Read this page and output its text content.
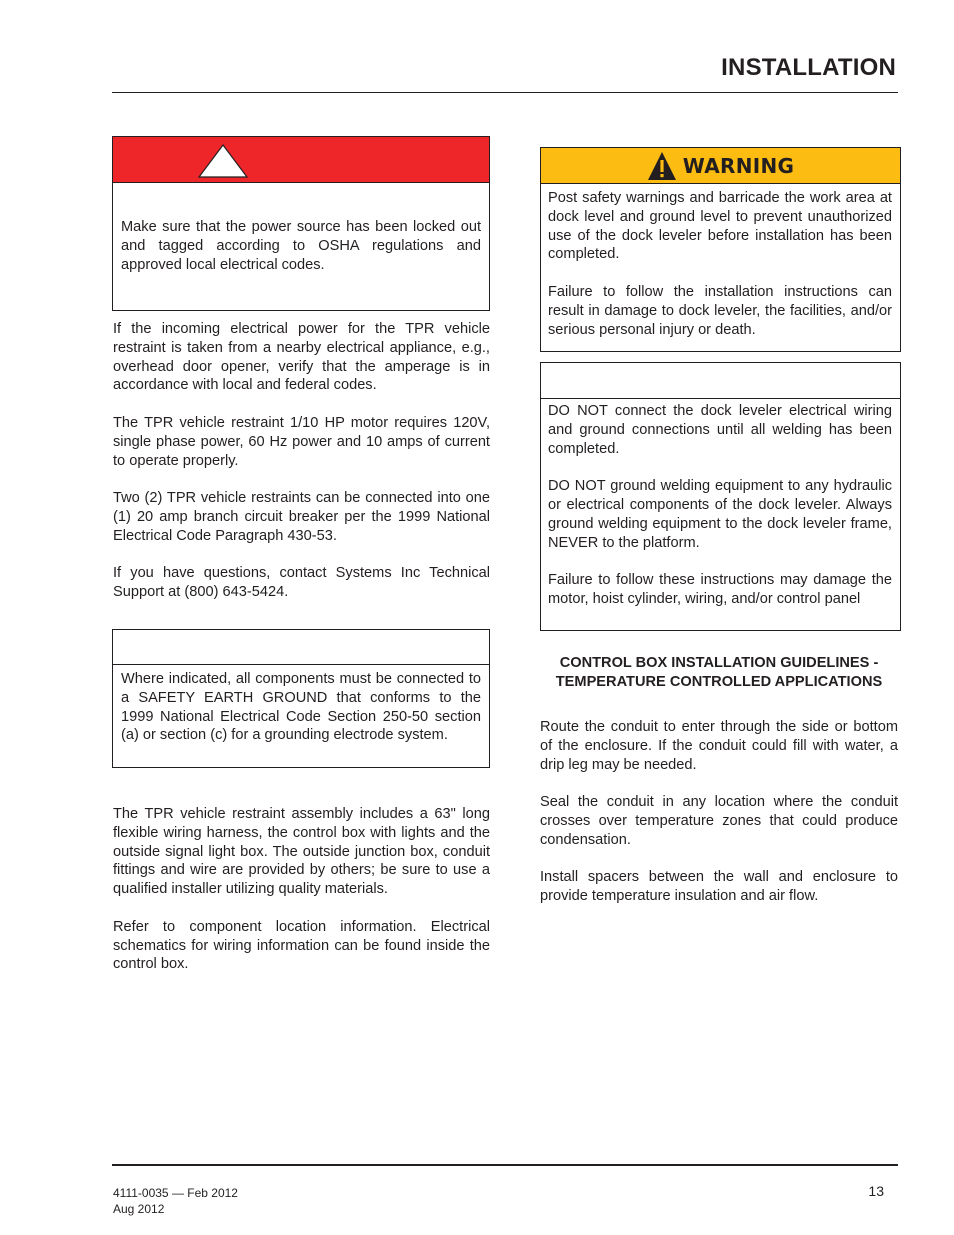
INSTALLATION

Make sure that the power source has been locked out and tagged according to OSHA regulations and approved local electrical codes.

If the incoming electrical power for the TPR vehicle restraint is taken from a nearby electrical appliance, e.g., overhead door opener, verify that the amperage is in accordance with local and federal codes.

The TPR vehicle restraint 1/10 HP motor requires 120V, single phase power, 60 Hz power and 10 amps of current to operate properly.

Two (2) TPR vehicle restraints can be connected into one (1) 20 amp branch circuit breaker per the 1999 National Electrical Code Paragraph 430-53.

If you have questions, contact Systems Inc Technical Support at (800) 643-5424.

Where indicated, all components must be connected to a SAFETY EARTH GROUND that conforms to the 1999 National Electrical Code Section 250-50 section (a) or section (c) for a grounding electrode system.

The TPR vehicle restraint assembly includes a 63" long flexible wiring harness, the control box with lights and the outside signal light box. The outside junction box, conduit fittings and wire are provided by others; be sure to use a qualified installer utilizing quality materials.

Refer to component location information. Electrical schematics for wiring information can be found inside the control box.

WARNING

Post safety warnings and barricade the work area at dock level and ground level to prevent unauthorized use of the dock leveler before installation has been completed.

Failure to follow the installation instructions can result in damage to dock leveler, the facilities, and/or serious personal injury or death.

DO NOT connect the dock leveler electrical wiring and ground connections until all welding has been completed.

DO NOT ground welding equipment to any hydraulic or electrical components of the dock leveler. Always ground welding equipment to the dock leveler frame, NEVER to the platform.

Failure to follow these instructions may damage the motor, hoist cylinder, wiring, and/or control panel

CONTROL BOX INSTALLATION GUIDELINES -
TEMPERATURE CONTROLLED APPLICATIONS

Route the conduit to enter through the side or bottom of the enclosure. If the conduit could fill with water, a drip leg may be needed.

Seal the conduit in any location where the conduit crosses over temperature zones that could produce condensation.

Install spacers between the wall and enclosure to provide temperature insulation and air flow.

4111-0035 — Feb 2012
Aug 2012
13
